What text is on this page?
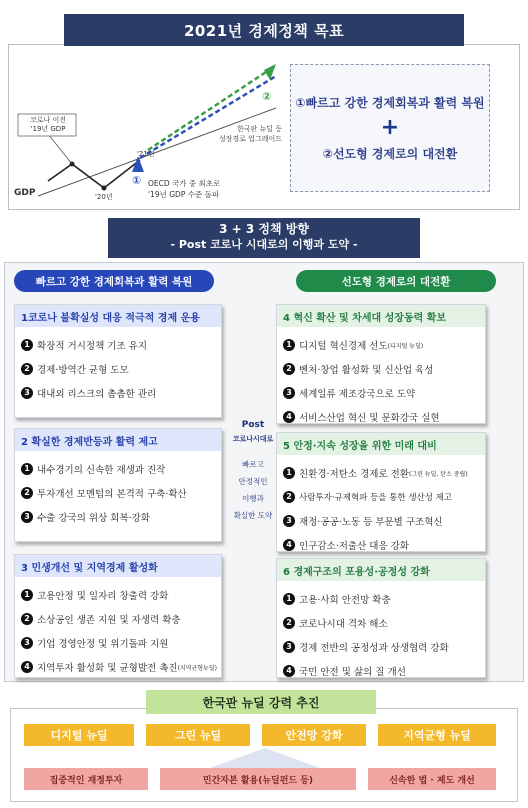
2021년 경제정책 목표
코로나 이전
'19년 GDP
GDP	'20년
'21년
한국판 뉴딜 등
성장경로 업그레이드
②
① OECD 국가 중 최초로
'19년 GDP 수준 돌파
①빠르고 강한 경제회복과 활력 복원
+
②선도형 경제로의 대전환
3 + 3 정책 방향
- Post 코로나 시대로의 이행과 도약 -
빠르고 강한 경제회복과 활력 복원	선도형 경제로의 대전환
1코로나 불확실성 대응 적극적 경제 운용
1 확장적 거시정책 기조 유지
2 경제·방역간 균형 도모
3 대내외 리스크의 촘촘한 관리
2 확실한 경제반등과 활력 제고
1 내수경기의 신속한 재생과 진작
2 투자개선 모멘텀의 본격적 구축·확산
3 수출 강국의 위상 회복·강화
3 민생개선 및 지역경제 활성화
1 고용안정 및 일자리 창출력 강화
2 소상공인 생존 지원 및 자생력 확충
3 기업 경영안정 및 위기돌파 지원
4 지역투자 활성화 및 균형발전 촉진 (지역균형뉴딜)
Post
코로나시대로
빠르고
안정적인
이행과
확실한 도약
4 혁신 확산 및 차세대 성장동력 확보
1 디지털 혁신경제 선도 (디지털 뉴딜)
2 벤처·창업 활성화 및 신산업 육성
3 세계일류 제조강국으로 도약
4 서비스산업 혁신 및 문화강국 실현
5 안정·지속 성장을 위한 미래 대비
1 친환경·저탄소 경제로 전환 (그린 뉴딜, 탄소 중립)
2 사람투자·규제혁파 등을 통한 생산성 제고
3 재정·공공·노동 등 부문별 구조혁신
4 인구감소·저출산 대응 강화
6 경제구조의 포용성·공정성 강화
1 고용·사회 안전망 확충
2 코로나시대 격차 해소
3 경제 전반의 공정성과 상생협력 강화
4 국민 안전 및 삶의 질 개선
한국판 뉴딜 강력 추진
디지털 뉴딜	그린 뉴딜	안전망 강화	지역균형 뉴딜
집중적인 재정투자	민간자본 활용(뉴딜펀드 등)	신속한 법 · 제도 개선
